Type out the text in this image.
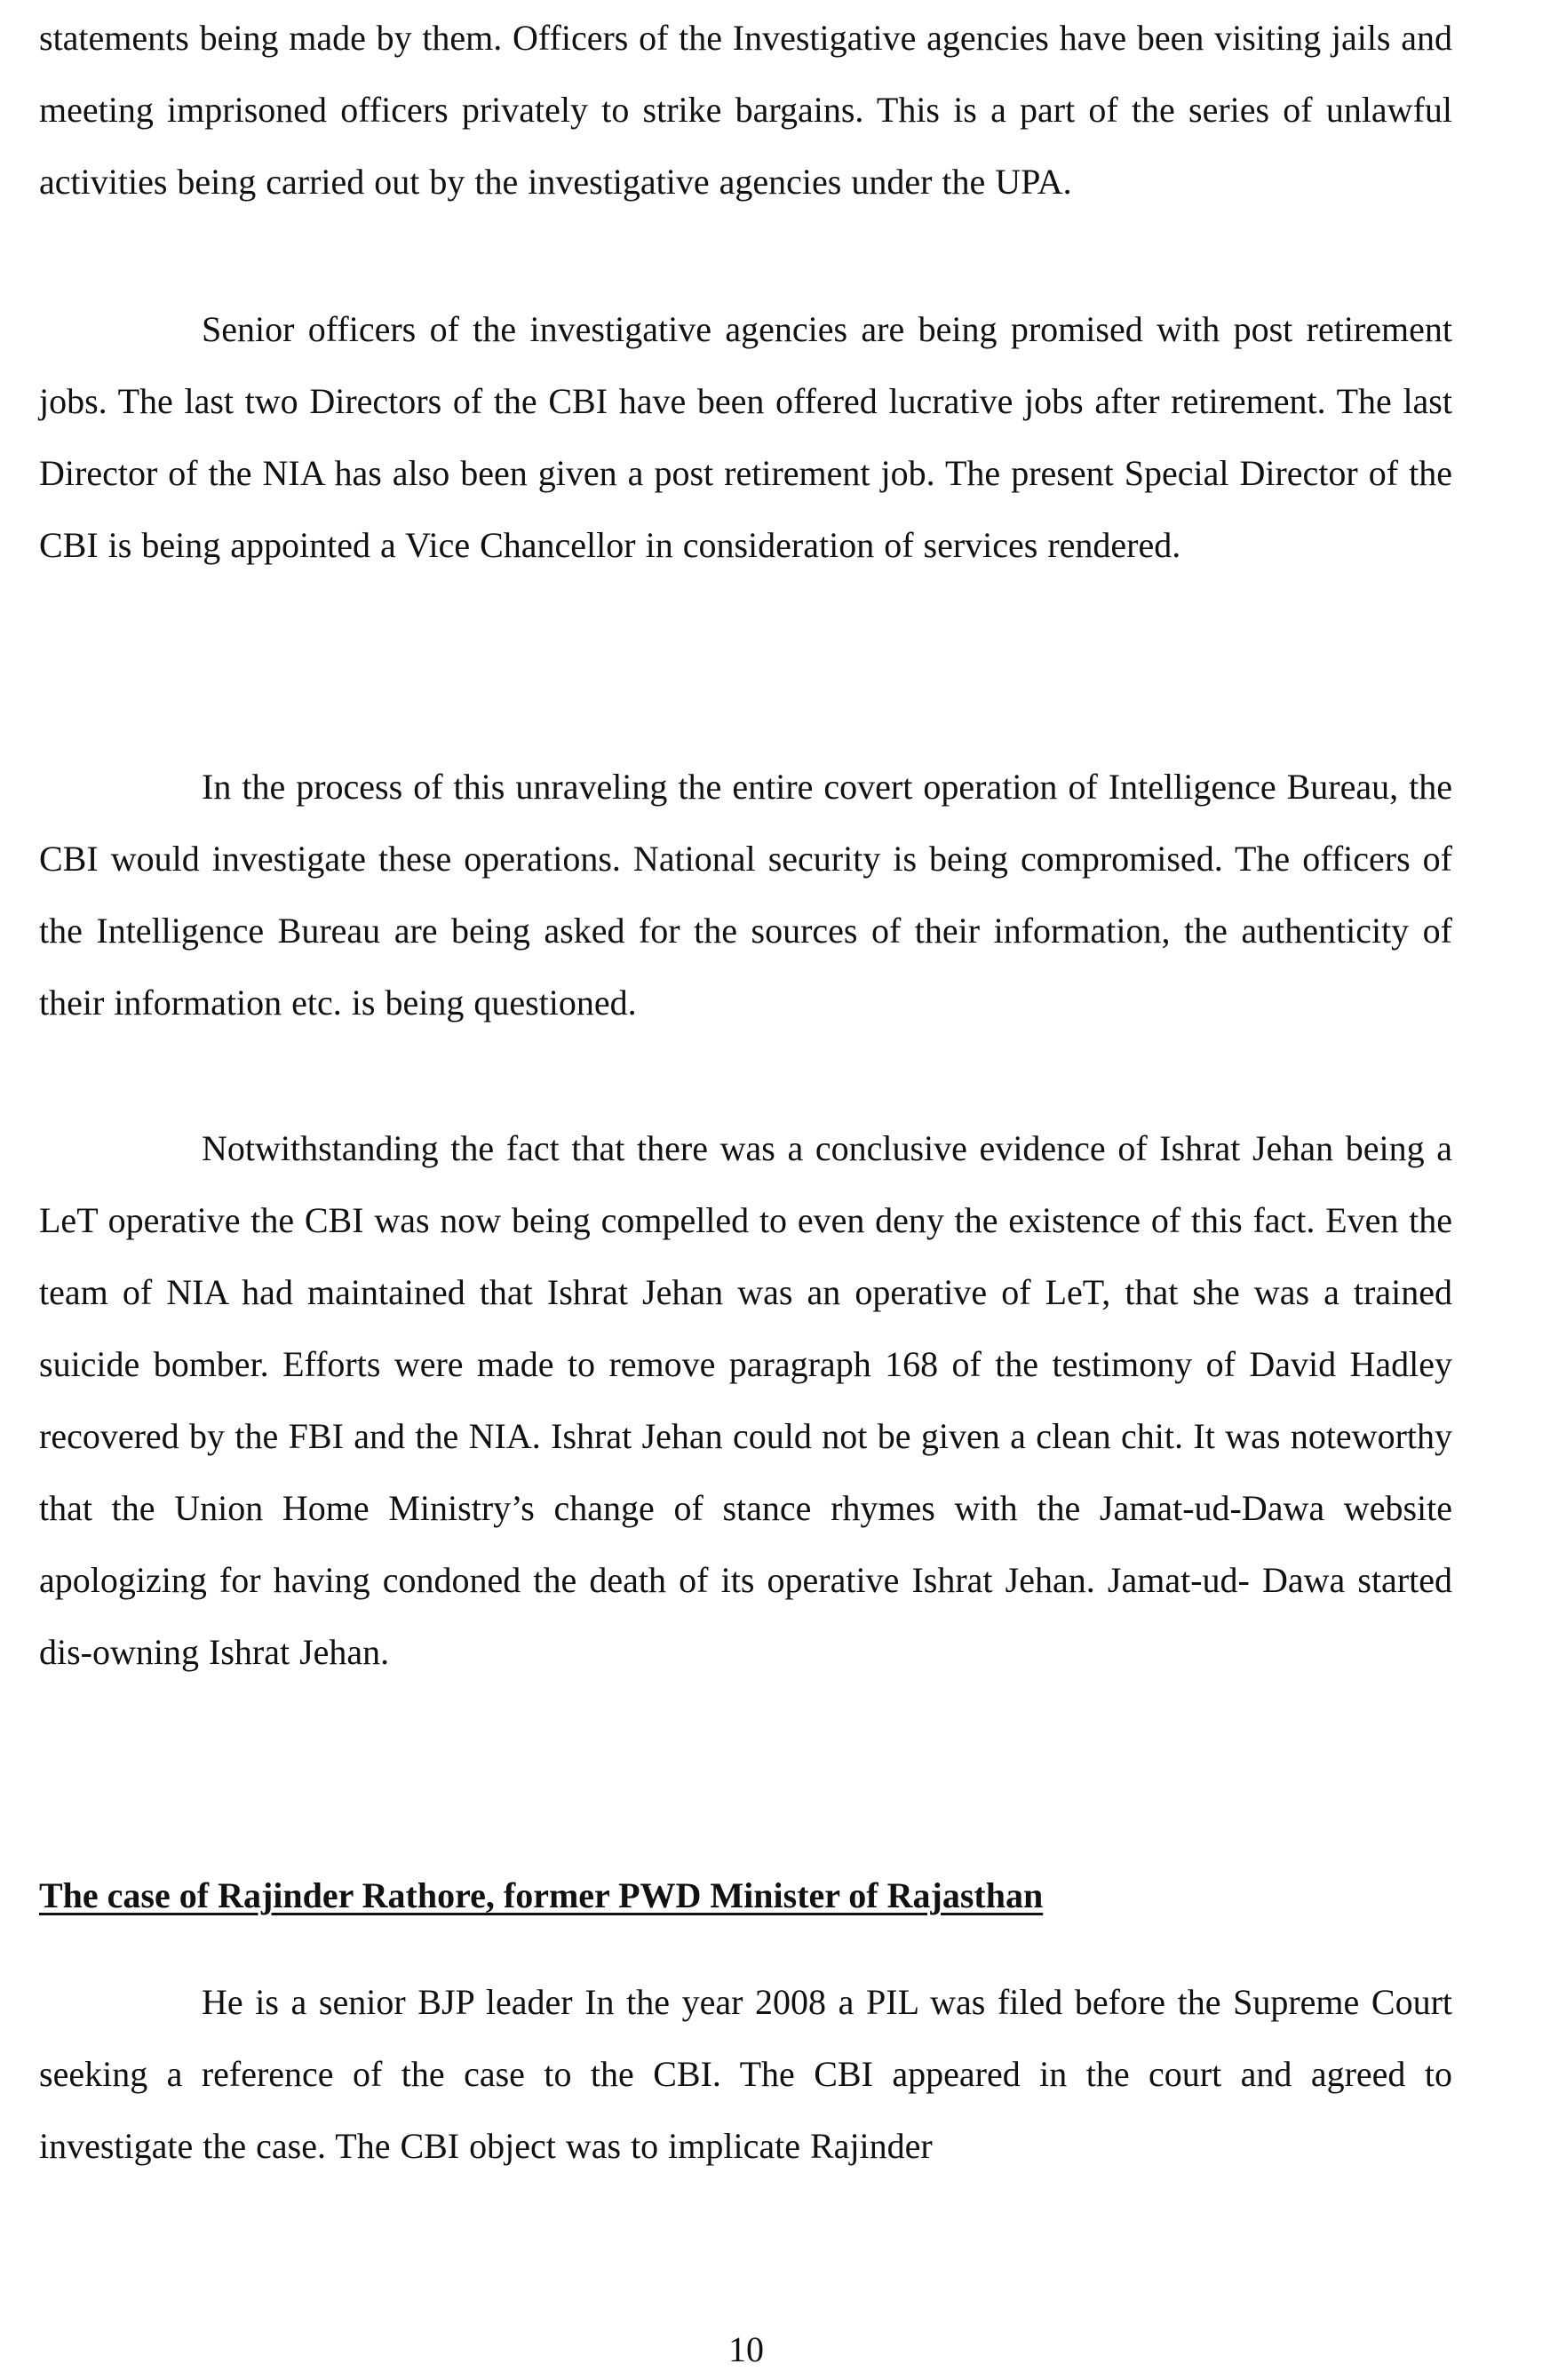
statements being made by them. Officers of the Investigative agencies have been visiting jails and meeting imprisoned officers privately to strike bargains. This is a part of the series of unlawful activities being carried out by the investigative agencies under the UPA.

Senior officers of the investigative agencies are being promised with post retirement jobs. The last two Directors of the CBI have been offered lucrative jobs after retirement. The last Director of the NIA has also been given a post retirement job. The present Special Director of the CBI is being appointed a Vice Chancellor in consideration of services rendered.

In the process of this unraveling the entire covert operation of Intelligence Bureau, the CBI would investigate these operations. National security is being compromised. The officers of the Intelligence Bureau are being asked for the sources of their information, the authenticity of their information etc. is being questioned.

Notwithstanding the fact that there was a conclusive evidence of Ishrat Jehan being a LeT operative the CBI was now being compelled to even deny the existence of this fact. Even the team of NIA had maintained that Ishrat Jehan was an operative of LeT, that she was a trained suicide bomber. Efforts were made to remove paragraph 168 of the testimony of David Hadley recovered by the FBI and the NIA. Ishrat Jehan could not be given a clean chit. It was noteworthy that the Union Home Ministry’s change of stance rhymes with the Jamat-ud-Dawa website apologizing for having condoned the death of its operative Ishrat Jehan. Jamat-ud- Dawa started dis-owning Ishrat Jehan.

The case of Rajinder Rathore, former PWD Minister of Rajasthan

He is a senior BJP leader In the year 2008 a PIL was filed before the Supreme Court seeking a reference of the case to the CBI. The CBI appeared in the court and agreed to investigate the case. The CBI object was to implicate Rajinder

10
